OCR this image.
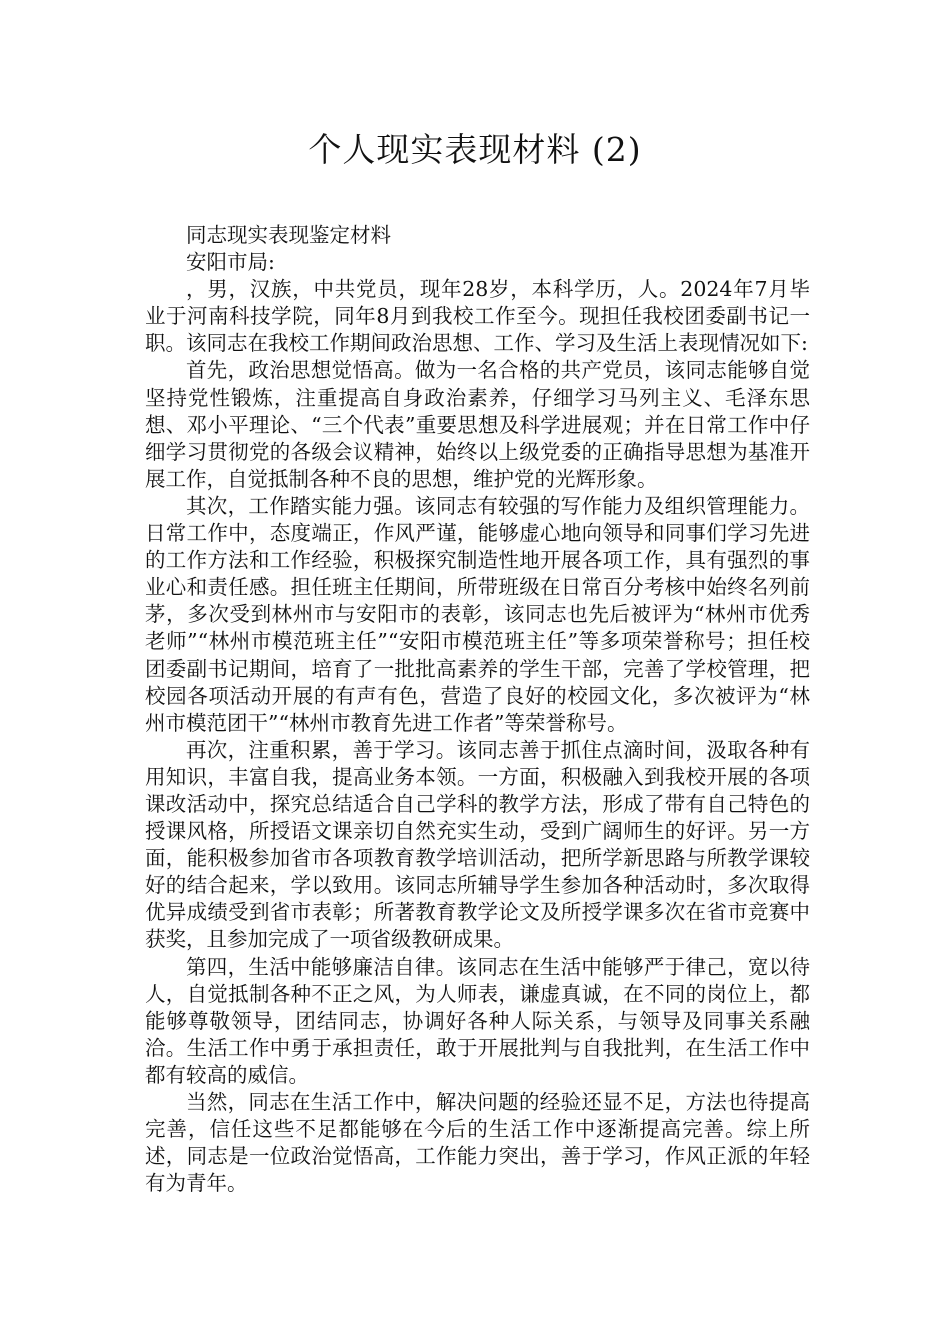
个人现实表现材料 (2)

同志现实表现鉴定材料

安阳市局:

，男，汉族，中共党员，现年28岁，本科学历，人。2024年7月毕业于河南科技学院，同年8月到我校工作至今。现担任我校团委副书记一职。该同志在我校工作期间政治思想、工作、学习及生活上表现情况如下:

首先，政治思想觉悟高。做为一名合格的共产党员，该同志能够自觉坚持党性锻炼，注重提高自身政治素养，仔细学习马列主义、毛泽东思想、邓小平理论、“三个代表”重要思想及科学进展观；并在日常工作中仔细学习贯彻党的各级会议精神，始终以上级党委的正确指导思想为基准开展工作，自觉抵制各种不良的思想，维护党的光辉形象。

其次，工作踏实能力强。该同志有较强的写作能力及组织管理能力。日常工作中，态度端正，作风严谨，能够虚心地向领导和同事们学习先进的工作方法和工作经验，积极探究制造性地开展各项工作，具有强烈的事业心和责任感。担任班主任期间，所带班级在日常百分考核中始终名列前茅，多次受到林州市与安阳市的表彰，该同志也先后被评为“林州市优秀老师”“林州市模范班主任”“安阳市模范班主任”等多项荣誉称号；担任校团委副书记期间，培育了一批批高素养的学生干部，完善了学校管理，把校园各项活动开展的有声有色，营造了良好的校园文化，多次被评为“林州市模范团干”“林州市教育先进工作者”等荣誉称号。

再次，注重积累，善于学习。该同志善于抓住点滴时间，汲取各种有用知识，丰富自我，提高业务本领。一方面，积极融入到我校开展的各项课改活动中，探究总结适合自己学科的教学方法，形成了带有自己特色的授课风格，所授语文课亲切自然充实生动，受到广阔师生的好评。另一方面，能积极参加省市各项教育教学培训活动，把所学新思路与所教学课较好的结合起来，学以致用。该同志所辅导学生参加各种活动时，多次取得优异成绩受到省市表彰；所著教育教学论文及所授学课多次在省市竞赛中获奖，且参加完成了一项省级教研成果。

第四，生活中能够廉洁自律。该同志在生活中能够严于律己，宽以待人，自觉抵制各种不正之风，为人师表，谦虚真诚，在不同的岗位上，都能够尊敬领导，团结同志，协调好各种人际关系，与领导及同事关系融洽。生活工作中勇于承担责任，敢于开展批判与自我批判，在生活工作中都有较高的威信。

当然，同志在生活工作中，解决问题的经验还显不足，方法也待提高完善，信任这些不足都能够在今后的生活工作中逐渐提高完善。综上所述，同志是一位政治觉悟高，工作能力突出，善于学习，作风正派的年轻有为青年。
